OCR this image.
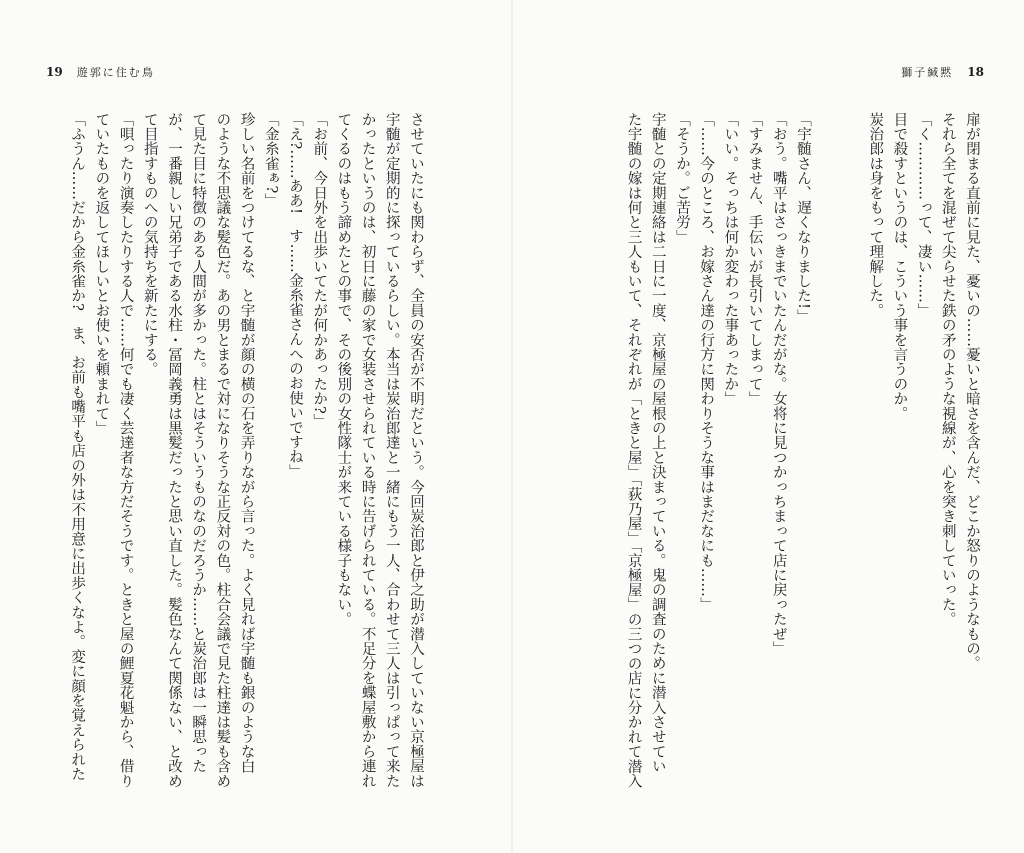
19 遊郭に住む鳥
させていたにも関わらず、全員の安否が不明だという。今回炭治郎と伊之助が潜入していない京極屋は
宇髄が定期的に探っているらしい。本当は炭治郎達と一緒にもう一人、合わせて三人は引っぱって来た
かったというのは、初日に藤の家で女装させられている時に告げられている。不足分を蝶屋敷から連れ
てくるのはもう諦めたとの事で、その後別の女性隊士が来ている様子もない。
「お前、今日外を出歩いてたが何かあったか?」
「え?……ああ!　す……金糸雀さんへのお使いですね」
「金糸雀ぁ?」
珍しい名前をつけてるな、と宇髄が顔の横の石を弄りながら言った。よく見れば宇髄も銀のような白
のような不思議な髪色だ。あの男とまるで対になりそうな正反対の色。柱合会議で見た柱達は髪も含め
て見た目に特徴のある人間が多かった。柱とはそういうものなのだろうか……と炭治郎は一瞬思った
が、一番親しい兄弟子である水柱・冨岡義勇は黒髪だったと思い直した。髪色なんて関係ない、と改め
て目指すものへの気持ちを新たにする。
「唄ったり演奏したりする人で……何でも凄く芸達者な方だそうです。ときと屋の鯉夏花魁から、借り
ていたものを返してほしいとお使いを頼まれて」
「ふうん……だから金糸雀か?　ま、お前も嘴平も店の外は不用意に出歩くなよ。変に顔を覚えられた
獅子緘黙 18
扉が閉まる直前に見た、憂いの……憂いと暗さを含んだ、どこか怒りのようなもの。
それら全てを混ぜて尖らせた鉄の矛のような視線が、心を突き刺していった。
「く…………って、凄い……」
目で殺すというのは、こういう事を言うのか。
炭治郎は身をもって理解した。
「宇髄さん、遅くなりました!」
「おう。嘴平はさっきまでいたんだがな。女将に見つかっちまって店に戻ったぜ」
「すみません、手伝いが長引いてしまって」
「いい。そっちは何か変わった事あったか」
「……今のところ、お嫁さん達の行方に関わりそうな事はまだなにも……」
「そうか。ご苦労」
宇髄との定期連絡は二日に一度、京極屋の屋根の上と決まっている。鬼の調査のために潜入させてい
た宇髄の嫁は何と三人もいて、それぞれが「ときと屋」「荻乃屋」「京極屋」の三つの店に分かれて潜入
